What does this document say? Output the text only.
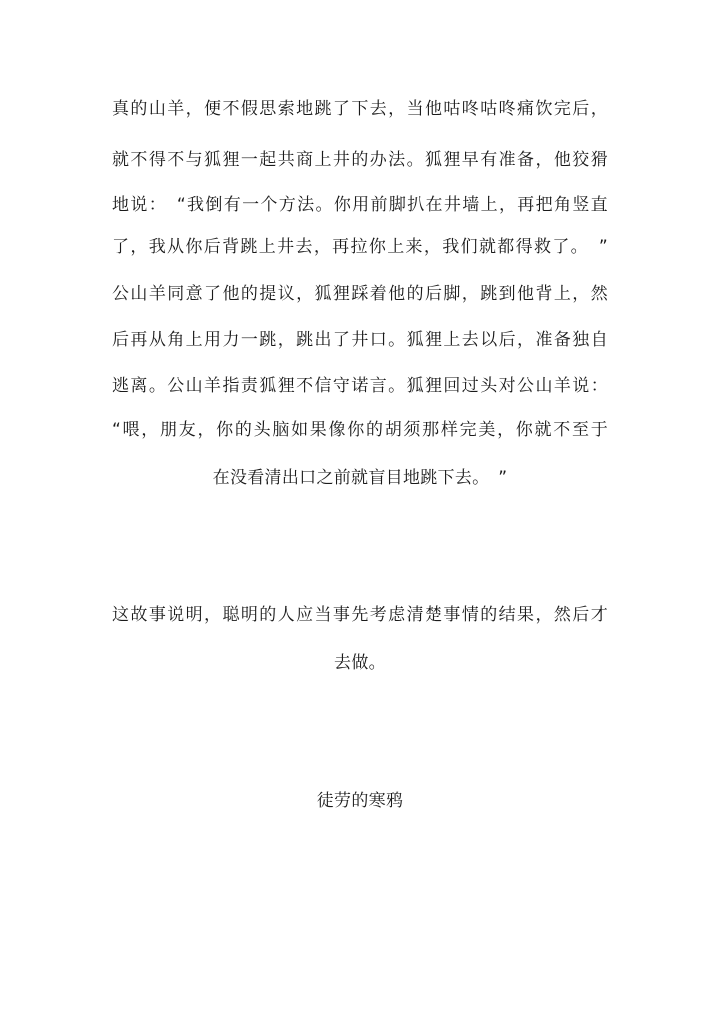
真的山羊，便不假思索地跳了下去，当他咕咚咕咚痛饮完后，
就不得不与狐狸一起共商上井的办法。狐狸早有准备，他狡猾
地说：　“我倒有一个方法。你用前脚扒在井墙上，再把角竖直
了，我从你后背跳上井去，再拉你上来，我们就都得救了。　”
公山羊同意了他的提议，狐狸踩着他的后脚，跳到他背上，然
后再从角上用力一跳，跳出了井口。狐狸上去以后，准备独自
逃离。公山羊指责狐狸不信守诺言。狐狸回过头对公山羊说：
“喂，朋友，你的头脑如果像你的胡须那样完美，你就不至于
在没看清出口之前就盲目地跳下去。　”
这故事说明，聪明的人应当事先考虑清楚事情的结果，然后才
去做。
徒劳的寒鸦
